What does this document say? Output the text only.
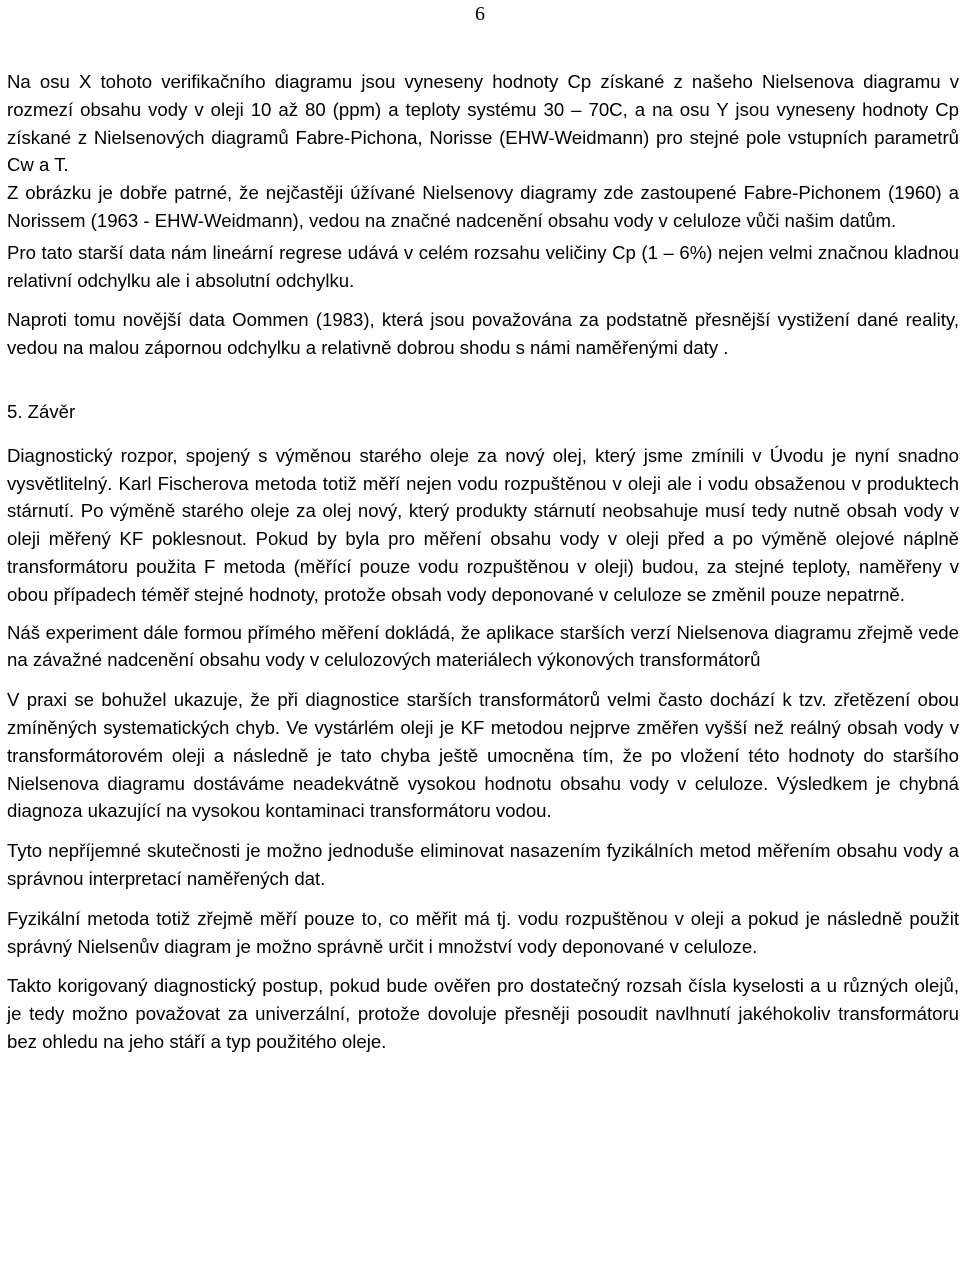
6

Na osu X tohoto verifikačního diagramu jsou vyneseny hodnoty Cp získané z našeho Nielsenova diagramu v rozmezí obsahu vody v oleji 10 až 80 (ppm) a teploty systému 30 – 70C, a na osu Y jsou vyneseny hodnoty Cp získané z Nielsenových diagramů Fabre-Pichona, Norisse (EHW-Weidmann) pro stejné pole vstupních parametrů Cw a T.

Z obrázku je dobře patrné, že nejčastěji úžívané Nielsenovy diagramy zde zastoupené Fabre-Pichonem (1960) a Norissem (1963 - EHW-Weidmann), vedou na značné nadcenění obsahu vody v celuloze vůči našim datům.

Pro tato starší data nám lineární regrese udává v celém rozsahu veličiny Cp (1 – 6%) nejen velmi značnou kladnou relativní odchylku ale i absolutní odchylku.

Naproti tomu novější data Oommen (1983), která jsou považována za podstatně přesnější vystižení dané reality, vedou na malou zápornou odchylku a relativně dobrou shodu s námi naměřenými daty .

5. Závěr

Diagnostický rozpor, spojený s výměnou starého oleje za nový olej, který jsme zmínili v Úvodu je nyní snadno vysvětlitelný. Karl Fischerova metoda totiž měří nejen vodu rozpuštěnou v oleji ale i vodu obsaženou v produktech stárnutí. Po výměně starého oleje za olej nový, který produkty stárnutí neobsahuje musí tedy nutně obsah vody v oleji měřený KF poklesnout. Pokud by byla pro měření obsahu vody v oleji před a po výměně olejové náplně transformátoru použita F metoda (měřící pouze vodu rozpuštěnou v oleji) budou, za stejné teploty, naměřeny v obou případech téměř stejné hodnoty, protože obsah vody deponované v celuloze se změnil pouze nepatrně.

Náš experiment dále formou přímého měření dokládá, že aplikace starších verzí Nielsenova diagramu zřejmě vede na závažné nadcenění obsahu vody v celulozových materiálech výkonových transformátorů

V praxi se bohužel ukazuje, že při diagnostice starších transformátorů velmi často dochází k tzv. zřetězení obou zmíněných systematických chyb. Ve vystárlém oleji je KF metodou nejprve změřen vyšší než reálný obsah vody v transformátorovém oleji a následně je tato chyba ještě umocněna tím, že po vložení této hodnoty do staršího Nielsenova diagramu dostáváme neadekvátně vysokou hodnotu obsahu vody v celuloze. Výsledkem je chybná diagnoza ukazující na vysokou kontaminaci transformátoru vodou.

Tyto nepříjemné skutečnosti je možno jednoduše eliminovat nasazením fyzikálních metod měřením obsahu vody a správnou interpretací naměřených dat.

Fyzikální metoda totiž zřejmě měří pouze to, co měřit má tj. vodu rozpuštěnou v oleji a pokud je následně použit správný Nielsenův diagram je možno správně určit i množství vody deponované v celuloze.

Takto korigovaný diagnostický postup, pokud bude ověřen pro dostatečný rozsah čísla kyselosti a u různých olejů, je tedy možno považovat za univerzální, protože dovoluje přesněji posoudit navlhnutí jakéhokoliv transformátoru bez ohledu na jeho stáří a typ použitého oleje.
